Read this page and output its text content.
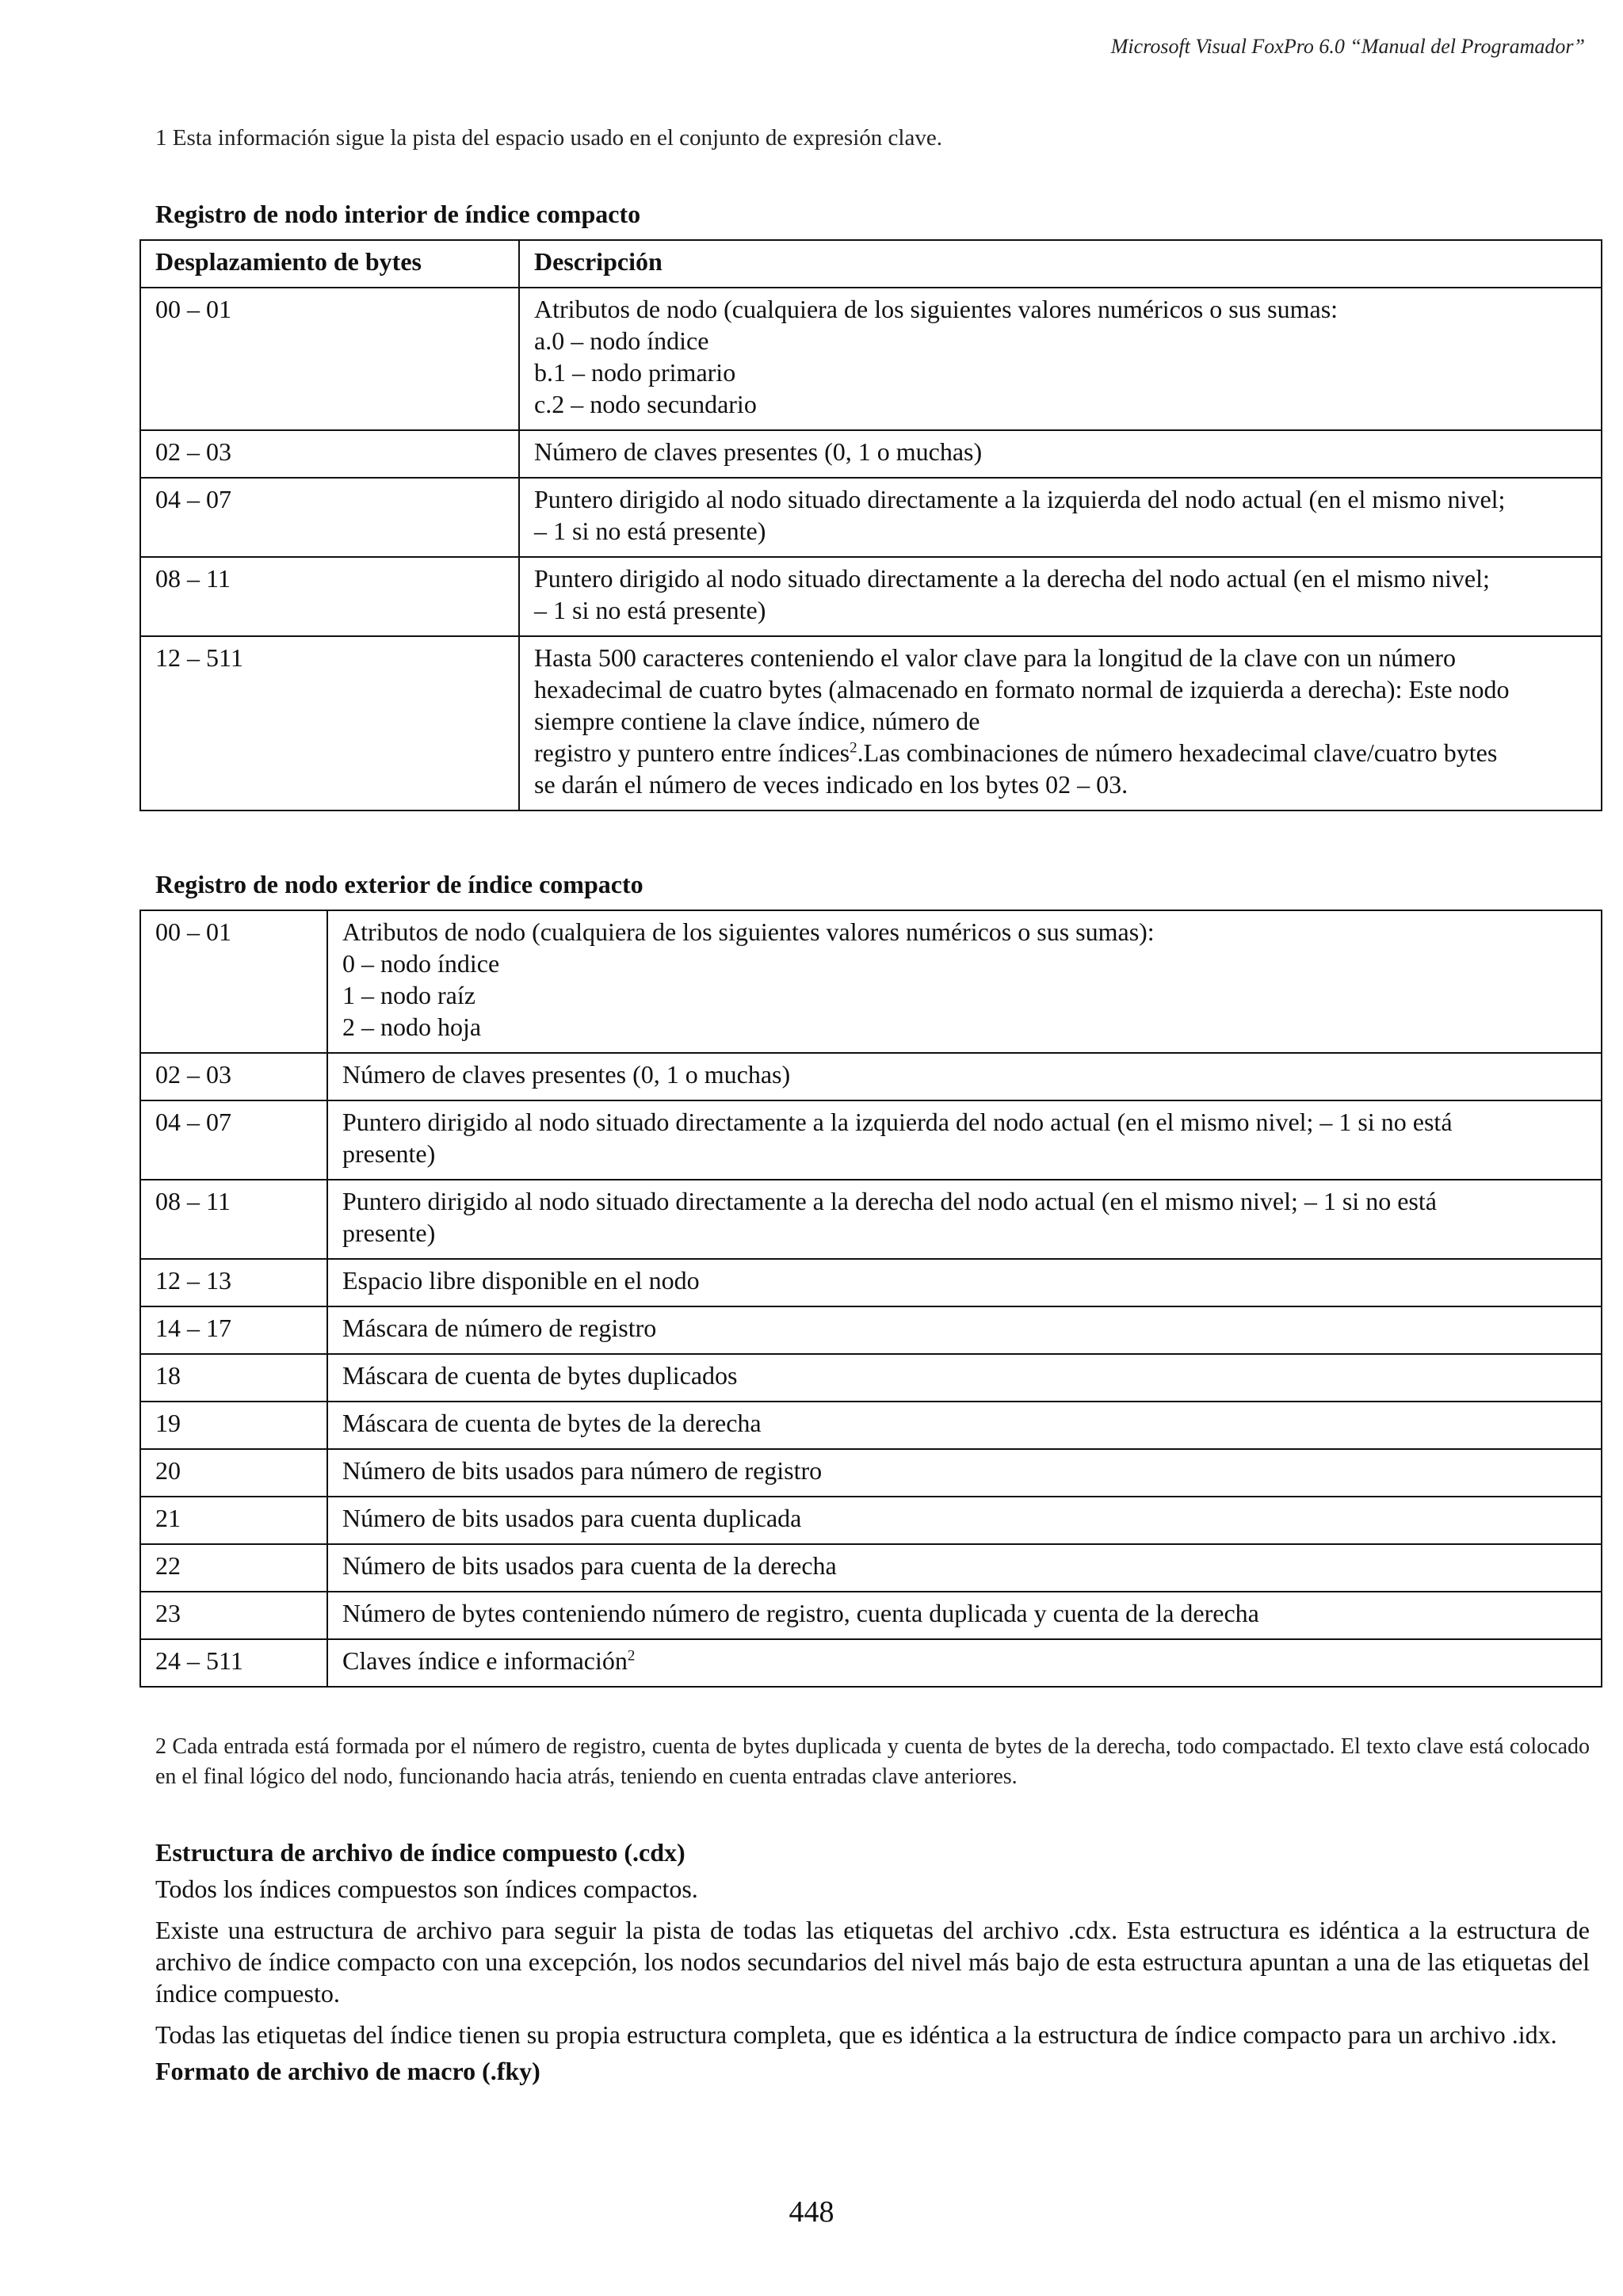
Microsoft Visual FoxPro 6.0 “Manual del Programador”
1 Esta información sigue la pista del espacio usado en el conjunto de expresión clave.
Registro de nodo interior de índice compacto
Desplazamiento de bytes	Descripción
00 – 01	Atributos de nodo (cualquiera de los siguientes valores numéricos o sus sumas:
a.0 – nodo índice
b.1 – nodo primario
c.2 – nodo secundario

02 – 03	Número de claves presentes (0, 1 o muchas)

04 – 07	Puntero dirigido al nodo situado directamente a la izquierda del nodo actual (en el mismo nivel;
– 1 si no está presente)

08 – 11	Puntero dirigido al nodo situado directamente a la derecha del nodo actual (en el mismo nivel;
– 1 si no está presente)

12 – 511	Hasta 500 caracteres conteniendo el valor clave para la longitud de la clave con un número
hexadecimal de cuatro bytes (almacenado en formato normal de izquierda a derecha): Este nodo
siempre contiene la clave índice, número de
registro y puntero entre índices$^2$.Las combinaciones de número hexadecimal clave/cuatro bytes
se darán el número de veces indicado en los bytes 02 – 03.
Registro de nodo exterior de índice compacto
00 – 01	Atributos de nodo (cualquiera de los siguientes valores numéricos o sus sumas):
0 – nodo índice
1 – nodo raíz
2 – nodo hoja

02 – 03	Número de claves presentes (0, 1 o muchas)

04 – 07	Puntero dirigido al nodo situado directamente a la izquierda del nodo actual (en el mismo nivel; – 1 si no está
presente)

08 – 11	Puntero dirigido al nodo situado directamente a la derecha del nodo actual (en el mismo nivel; – 1 si no está
presente)

12 – 13	Espacio libre disponible en el nodo

14 – 17	Máscara de número de registro

18	Máscara de cuenta de bytes duplicados

19	Máscara de cuenta de bytes de la derecha

20	Número de bits usados para número de registro

21	Número de bits usados para cuenta duplicada

22	Número de bits usados para cuenta de la derecha

23	Número de bytes conteniendo número de registro, cuenta duplicada y cuenta de la derecha

24 – 511	Claves índice e información$^2$
2 Cada entrada está formada por el número de registro, cuenta de bytes duplicada y cuenta de bytes de la derecha, todo compactado. El texto clave está colocado en el final lógico del nodo, funcionando hacia atrás, teniendo en cuenta entradas clave anteriores.
Estructura de archivo de índice compuesto (.cdx)
Todos los índices compuestos son índices compactos.
Existe una estructura de archivo para seguir la pista de todas las etiquetas del archivo .cdx. Esta estructura es idéntica a la estructura de archivo de índice compacto con una excepción, los nodos secundarios del nivel más bajo de esta estructura apuntan a una de las etiquetas del índice compuesto.
Todas las etiquetas del índice tienen su propia estructura completa, que es idéntica a la estructura de índice compacto para un archivo .idx.
Formato de archivo de macro (.fky)
448
